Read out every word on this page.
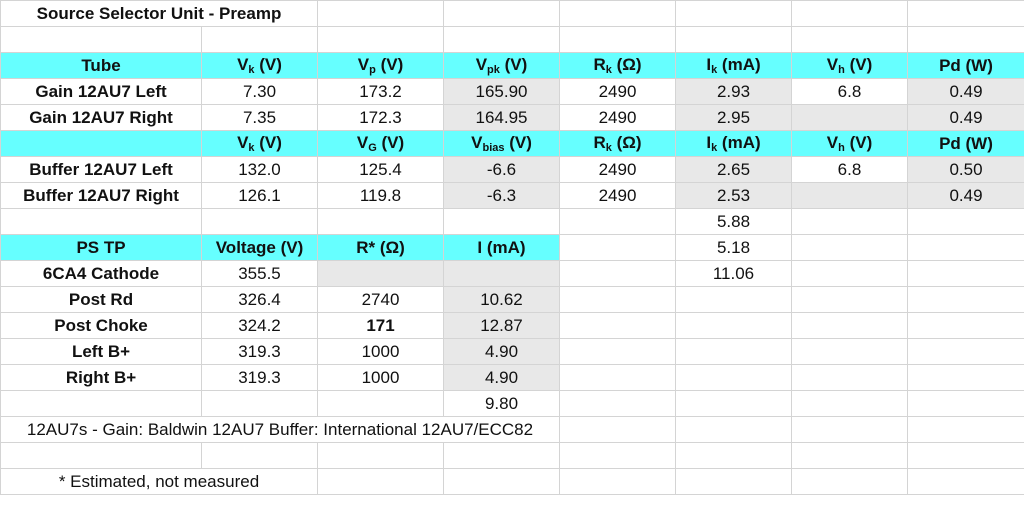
Source Selector Unit - Preamp							

Tube	$V_k$ (V)	$V_p$ (V)	$V_{pk}$ (V)	$R_k$ (Ω)	$I_k$ (mA)	$V_h$ (V)	Pd (W)
Gain 12AU7 Left	7.30	173.2	165.90	2490	2.93	6.8	0.49
Gain 12AU7 Right	7.35	172.3	164.95	2490	2.95		0.49
	$V_k$ (V)	$V_G$ (V)	$V_{bias}$ (V)	$R_k$ (Ω)	$I_k$ (mA)	$V_h$ (V)	Pd (W)
Buffer 12AU7 Left	132.0	125.4	-6.6	2490	2.65	6.8	0.50
Buffer 12AU7 Right	126.1	119.8	-6.3	2490	2.53		0.49
					5.88		
PS TP	Voltage (V)	R* (Ω)	I (mA)		5.18		
6CA4 Cathode	355.5				11.06		
Post Rd	326.4	2740	10.62				
Post Choke	324.2	171	12.87				
Left B+	319.3	1000	4.90				
Right B+	319.3	1000	4.90				
			9.80				
12AU7s - Gain: Baldwin 12AU7 Buffer: International 12AU7/ECC82							

* Estimated, not measured							
